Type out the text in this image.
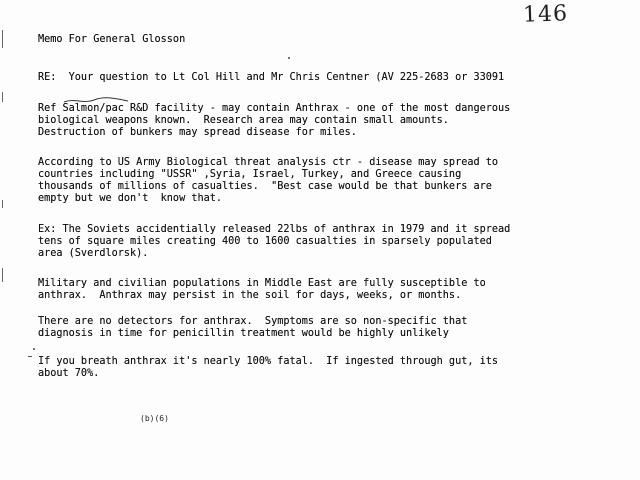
146
Memo For General Glosson
RE:  Your question to Lt Col Hill and Mr Chris Centner (AV 225-2683 or 33091
Ref Salmon/pac R&D facility - may contain Anthrax - one of the most dangerous
biological weapons known.  Research area may contain small amounts.
Destruction of bunkers may spread disease for miles.
According to US Army Biological threat analysis ctr - disease may spread to
countries including "USSR" ,Syria, Israel, Turkey, and Greece causing
thousands of millions of casualties.  "Best case would be that bunkers are
empty but we don't  know that.
Ex: The Soviets accidentially released 22lbs of anthrax in 1979 and it spread
tens of square miles creating 400 to 1600 casualties in sparsely populated
area (Sverdlorsk).
Military and civilian populations in Middle East are fully susceptible to
anthrax.  Anthrax may persist in the soil for days, weeks, or months.
There are no detectors for anthrax.  Symptoms are so non-specific that
diagnosis in time for penicillin treatment would be highly unlikely
If you breath anthrax it's nearly 100% fatal.  If ingested through gut, its
about 70%.
(b)(6)
